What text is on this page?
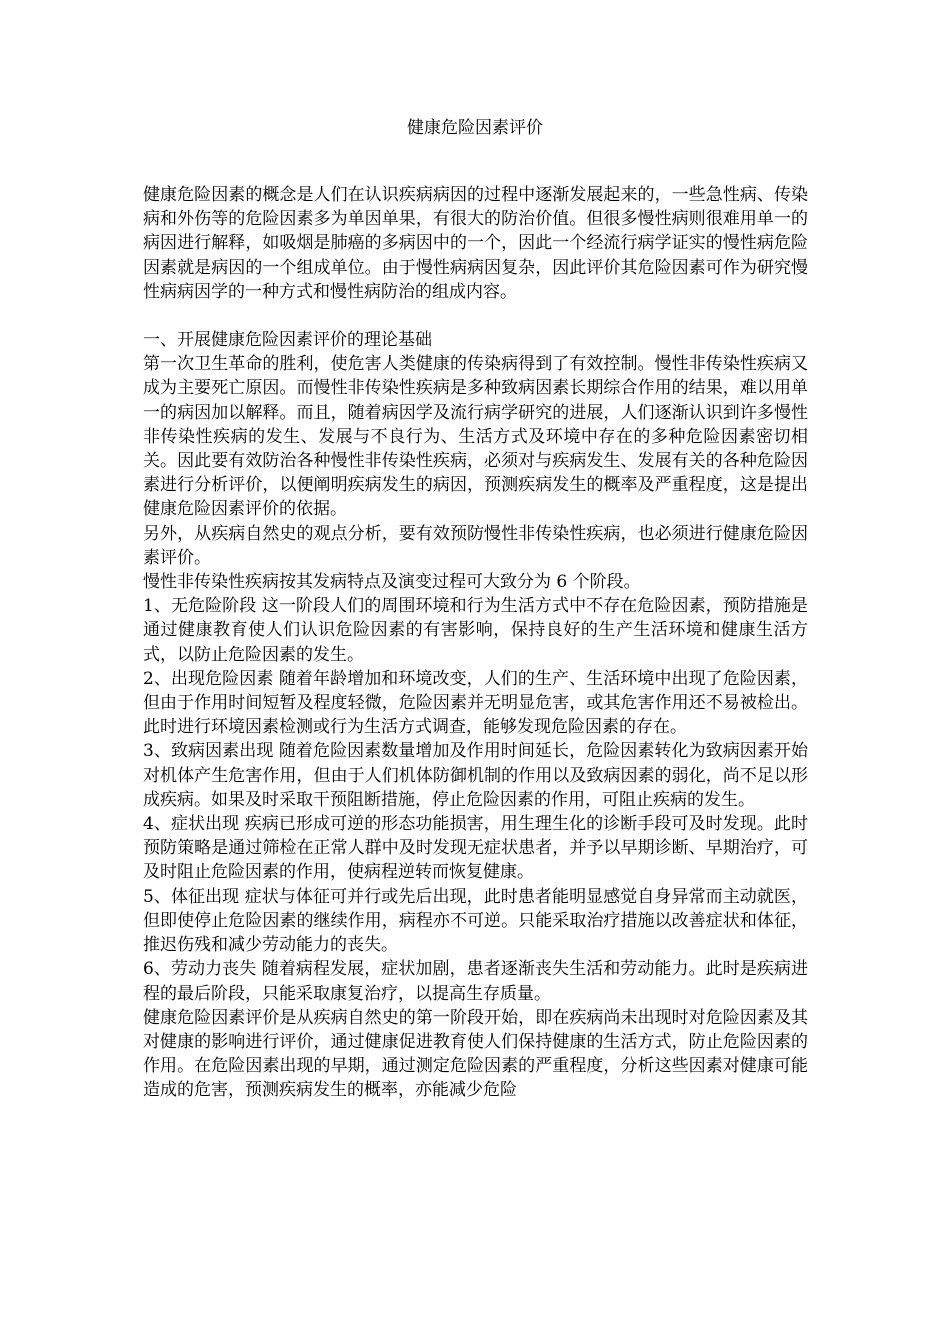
健康危险因素评价

健康危险因素的概念是人们在认识疾病病因的过程中逐渐发展起来的，一些急性病、传染病和外伤等的危险因素多为单因单果，有很大的防治价值。但很多慢性病则很难用单一的病因进行解释，如吸烟是肺癌的多病因中的一个，因此一个经流行病学证实的慢性病危险因素就是病因的一个组成单位。由于慢性病病因复杂，因此评价其危险因素可作为研究慢性病病因学的一种方式和慢性病防治的组成内容。

一、开展健康危险因素评价的理论基础

第一次卫生革命的胜利，使危害人类健康的传染病得到了有效控制。慢性非传染性疾病又成为主要死亡原因。而慢性非传染性疾病是多种致病因素长期综合作用的结果，难以用单一的病因加以解释。而且，随着病因学及流行病学研究的进展，人们逐渐认识到许多慢性非传染性疾病的发生、发展与不良行为、生活方式及环境中存在的多种危险因素密切相关。因此要有效防治各种慢性非传染性疾病，必须对与疾病发生、发展有关的各种危险因素进行分析评价，以便阐明疾病发生的病因，预测疾病发生的概率及严重程度，这是提出健康危险因素评价的依据。

另外，从疾病自然史的观点分析，要有效预防慢性非传染性疾病，也必须进行健康危险因素评价。

慢性非传染性疾病按其发病特点及演变过程可大致分为 6 个阶段。

1、无危险阶段 这一阶段人们的周围环境和行为生活方式中不存在危险因素，预防措施是通过健康教育使人们认识危险因素的有害影响，保持良好的生产生活环境和健康生活方式，以防止危险因素的发生。

2、出现危险因素 随着年龄增加和环境改变，人们的生产、生活环境中出现了危险因素，但由于作用时间短暂及程度轻微，危险因素并无明显危害，或其危害作用还不易被检出。此时进行环境因素检测或行为生活方式调查，能够发现危险因素的存在。

3、致病因素出现 随着危险因素数量增加及作用时间延长，危险因素转化为致病因素开始对机体产生危害作用，但由于人们机体防御机制的作用以及致病因素的弱化，尚不足以形成疾病。如果及时采取干预阻断措施，停止危险因素的作用，可阻止疾病的发生。

4、症状出现 疾病已形成可逆的形态功能损害，用生理生化的诊断手段可及时发现。此时预防策略是通过筛检在正常人群中及时发现无症状患者，并予以早期诊断、早期治疗，可及时阻止危险因素的作用，使病程逆转而恢复健康。

5、体征出现 症状与体征可并行或先后出现，此时患者能明显感觉自身异常而主动就医，但即使停止危险因素的继续作用，病程亦不可逆。只能采取治疗措施以改善症状和体征，推迟伤残和减少劳动能力的丧失。

6、劳动力丧失 随着病程发展，症状加剧，患者逐渐丧失生活和劳动能力。此时是疾病进程的最后阶段，只能采取康复治疗，以提高生存质量。

健康危险因素评价是从疾病自然史的第一阶段开始，即在疾病尚未出现时对危险因素及其对健康的影响进行评价，通过健康促进教育使人们保持健康的生活方式，防止危险因素的作用。在危险因素出现的早期，通过测定危险因素的严重程度，分析这些因素对健康可能造成的危害，预测疾病发生的概率，亦能减少危险
